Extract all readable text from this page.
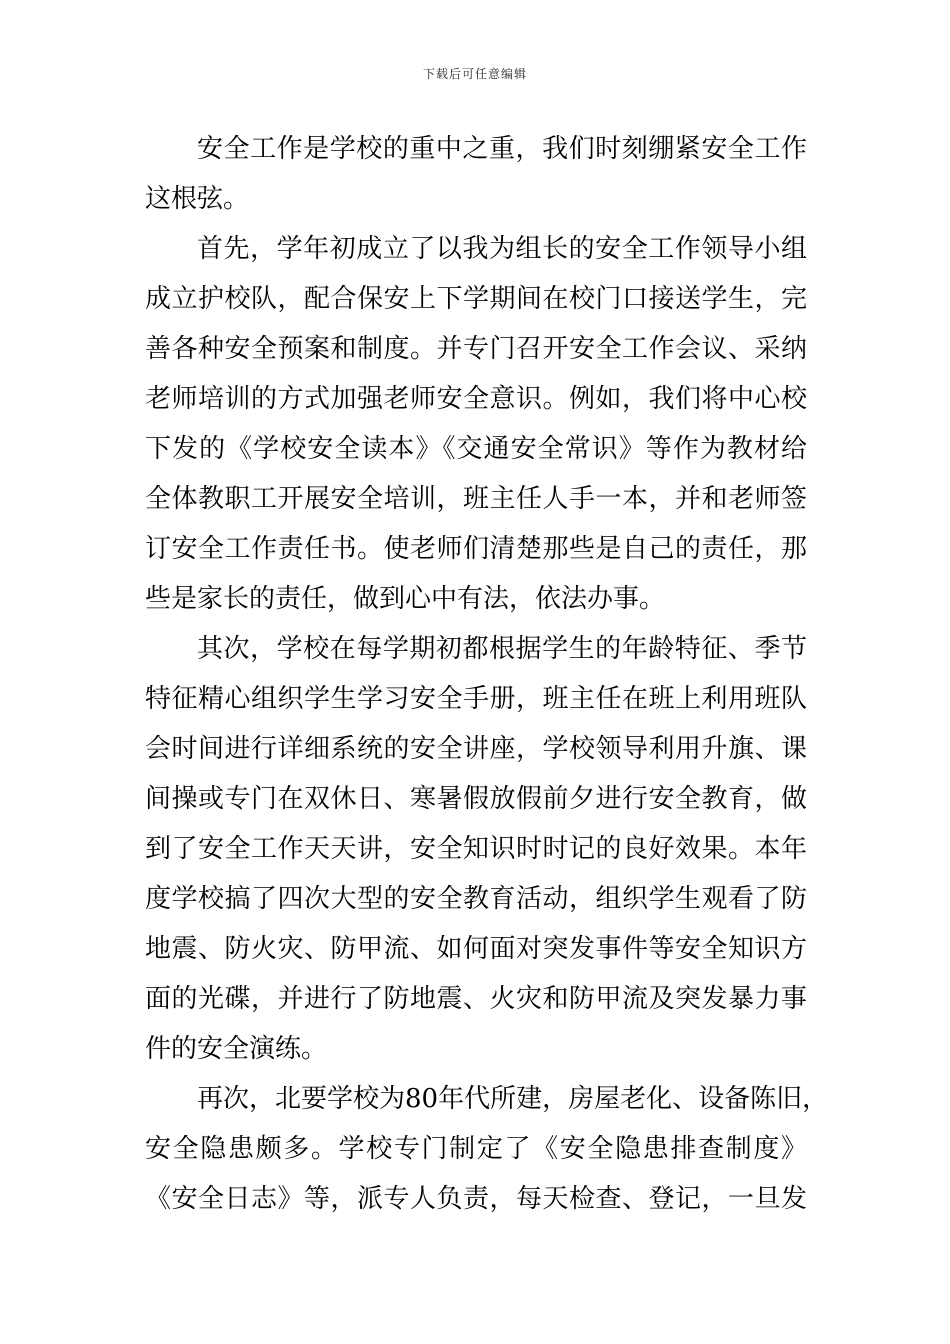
下载后可任意编辑
安全工作是学校的重中之重，我们时刻绷紧安全工作
这根弦。
首先，学年初成立了以我为组长的安全工作领导小组
成立护校队，配合保安上下学期间在校门口接送学生，完
善各种安全预案和制度。并专门召开安全工作会议、采纳
老师培训的方式加强老师安全意识。例如，我们将中心校
下发的《学校安全读本》《交通安全常识》等作为教材给
全体教职工开展安全培训，班主任人手一本，并和老师签
订安全工作责任书。使老师们清楚那些是自己的责任，那
些是家长的责任，做到心中有法，依法办事。
其次，学校在每学期初都根据学生的年龄特征、季节
特征精心组织学生学习安全手册，班主任在班上利用班队
会时间进行详细系统的安全讲座，学校领导利用升旗、课
间操或专门在双休日、寒暑假放假前夕进行安全教育，做
到了安全工作天天讲，安全知识时时记的良好效果。本年
度学校搞了四次大型的安全教育活动，组织学生观看了防
地震、防火灾、防甲流、如何面对突发事件等安全知识方
面的光碟，并进行了防地震、火灾和防甲流及突发暴力事
件的安全演练。
再次，北要学校为80年代所建，房屋老化、设备陈旧，
安全隐患颇多。学校专门制定了《安全隐患排查制度》
《安全日志》等，派专人负责，每天检查、登记，一旦发
